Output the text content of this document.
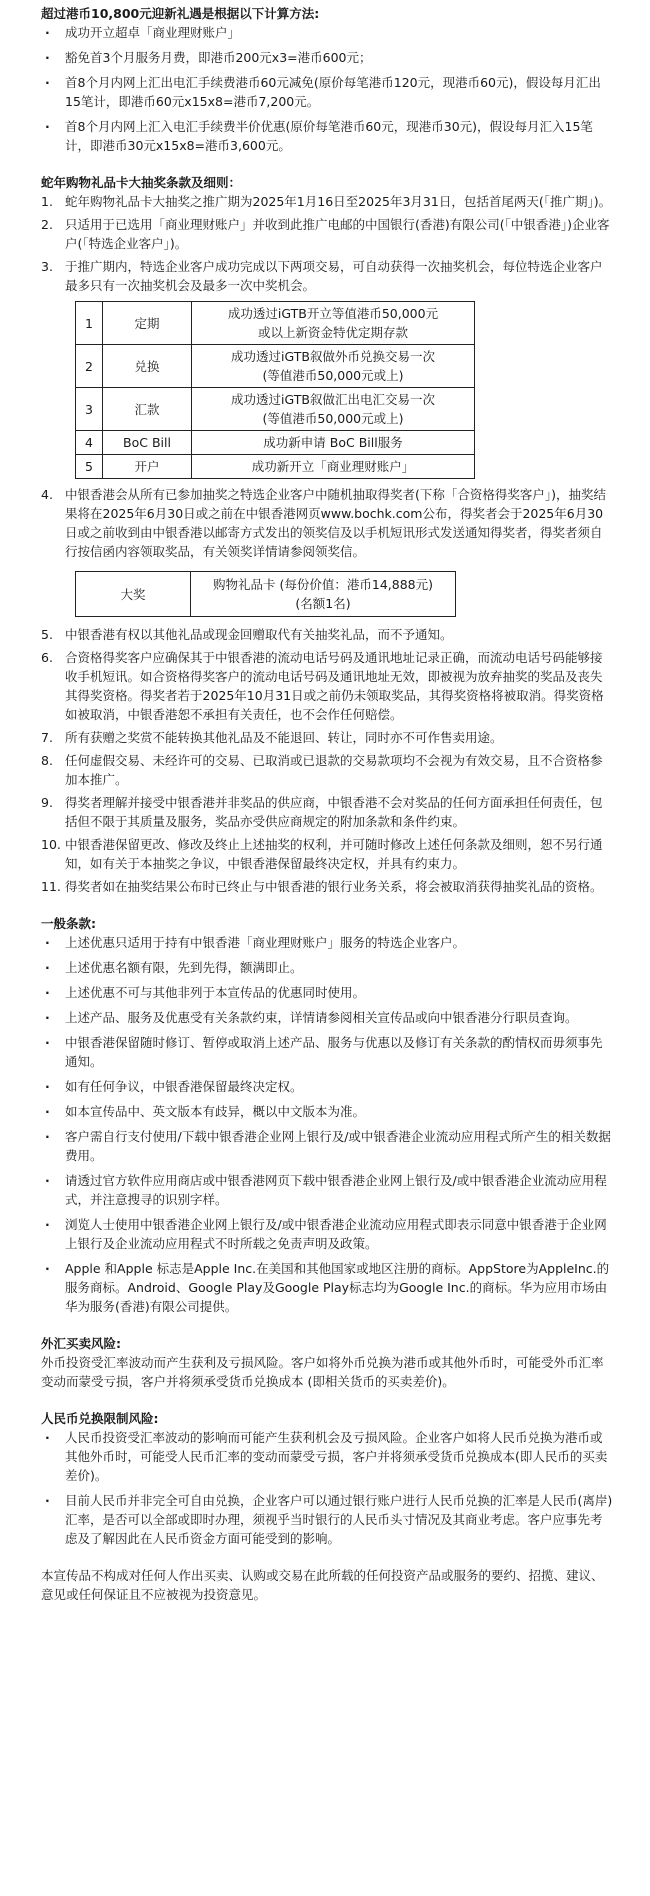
超过港币10,800元迎新礼遇是根据以下计算方法:

· 成功开立超卓「商业理财账户」
· 豁免首3个月服务月费，即港币200元x3=港币600元；
· 首8个月内网上汇出电汇手续费港币60元减免(原价每笔港币120元，现港币60元)，假设每月汇出15笔计，即港币60元x15x8=港币7,200元。
· 首8个月内网上汇入电汇手续费半价优惠(原价每笔港币60元，现港币30元)，假设每月汇入15笔计，即港币30元x15x8=港币3,600元。

蛇年购物礼品卡大抽奖条款及细则：

1. 蛇年购物礼品卡大抽奖之推广期为2025年1月16日至2025年3月31日，包括首尾两天(「推广期」)。
2. 只适用于已选用「商业理财账户」并收到此推广电邮的中国银行(香港)有限公司(「中银香港」)企业客户(「特选企业客户」)。
3. 于推广期内，特选企业客户成功完成以下两项交易，可自动获得一次抽奖机会，每位特选企业客户最多只有一次抽奖机会及最多一次中奖机会。
1	定期	成功透过iGTB开立等值港币50,000元
或以上新资金特优定期存款
2	兑换	成功透过iGTB叙做外币兑换交易一次
(等值港币50,000元或上)
3	汇款	成功透过iGTB叙做汇出电汇交易一次
(等值港币50,000元或上)
4	BoC Bill	成功新申请 BoC Bill服务
5	开户	成功新开立「商业理财账户」
4. 中银香港会从所有已参加抽奖之特选企业客户中随机抽取得奖者(下称「合资格得奖客户」)，抽奖结果将在2025年6月30日或之前在中银香港网页www.bochk.com公布，得奖者会于2025年6月30日或之前收到由中银香港以邮寄方式发出的领奖信及以手机短讯形式发送通知得奖者，得奖者须自行按信函内容领取奖品，有关领奖详情请参阅领奖信。
大奖	购物礼品卡 (每份价值：港币14,888元)
(名额1名)
5. 中银香港有权以其他礼品或现金回赠取代有关抽奖礼品，而不予通知。
6. 合资格得奖客户应确保其于中银香港的流动电话号码及通讯地址记录正确，而流动电话号码能够接收手机短讯。如合资格得奖客户的流动电话号码及通讯地址无效，即被视为放弃抽奖的奖品及丧失其得奖资格。得奖者若于2025年10月31日或之前仍未领取奖品，其得奖资格将被取消。得奖资格如被取消，中银香港恕不承担有关责任，也不会作任何赔偿。
7. 所有获赠之奖赏不能转换其他礼品及不能退回、转让，同时亦不可作售卖用途。
8. 任何虚假交易、未经许可的交易、已取消或已退款的交易款项均不会视为有效交易，且不合资格参加本推广。
9. 得奖者理解并接受中银香港并非奖品的供应商，中银香港不会对奖品的任何方面承担任何责任，包括但不限于其质量及服务，奖品亦受供应商规定的附加条款和条件约束。
10. 中银香港保留更改、修改及终止上述抽奖的权利，并可随时修改上述任何条款及细则，恕不另行通知，如有关于本抽奖之争议，中银香港保留最终决定权，并具有约束力。
11. 得奖者如在抽奖结果公布时已终止与中银香港的银行业务关系，将会被取消获得抽奖礼品的资格。

一般条款:

· 上述优惠只适用于持有中银香港「商业理财账户」服务的特选企业客户。
· 上述优惠名额有限，先到先得，额满即止。
· 上述优惠不可与其他非列于本宣传品的优惠同时使用。
· 上述产品、服务及优惠受有关条款约束，详情请参阅相关宣传品或向中银香港分行职员查询。
· 中银香港保留随时修订、暂停或取消上述产品、服务与优惠以及修订有关条款的酌情权而毋须事先通知。
· 如有任何争议，中银香港保留最终决定权。
· 如本宣传品中、英文版本有歧异，概以中文版本为准。
· 客户需自行支付使用/下载中银香港企业网上银行及/或中银香港企业流动应用程式所产生的相关数据费用。
· 请透过官方软件应用商店或中银香港网页下载中银香港企业网上银行及/或中银香港企业流动应用程式，并注意搜寻的识别字样。
· 浏览人士使用中银香港企业网上银行及/或中银香港企业流动应用程式即表示同意中银香港于企业网上银行及企业流动应用程式不时所载之免责声明及政策。
· Apple 和Apple 标志是Apple Inc.在美国和其他国家或地区注册的商标。AppStore为AppleInc.的服务商标。Android、Google Play及Google Play标志均为Google Inc.的商标。华为应用市场由华为服务(香港)有限公司提供。

外汇买卖风险:

外币投资受汇率波动而产生获利及亏损风险。客户如将外币兑换为港币或其他外币时，可能受外币汇率变动而蒙受亏损，客户并将须承受货币兑换成本 (即相关货币的买卖差价)。

人民币兑换限制风险:

· 人民币投资受汇率波动的影响而可能产生获利机会及亏损风险。企业客户如将人民币兑换为港币或其他外币时，可能受人民币汇率的变动而蒙受亏损，客户并将须承受货币兑换成本(即人民币的买卖差价)。
· 目前人民币并非完全可自由兑换，企业客户可以通过银行账户进行人民币兑换的汇率是人民币(离岸)汇率，是否可以全部或即时办理，须视乎当时银行的人民币头寸情况及其商业考虑。客户应事先考虑及了解因此在人民币资金方面可能受到的影响。

本宣传品不构成对任何人作出买卖、认购或交易在此所载的任何投资产品或服务的要约、招揽、建议、意见或任何保证且不应被视为投资意见。
